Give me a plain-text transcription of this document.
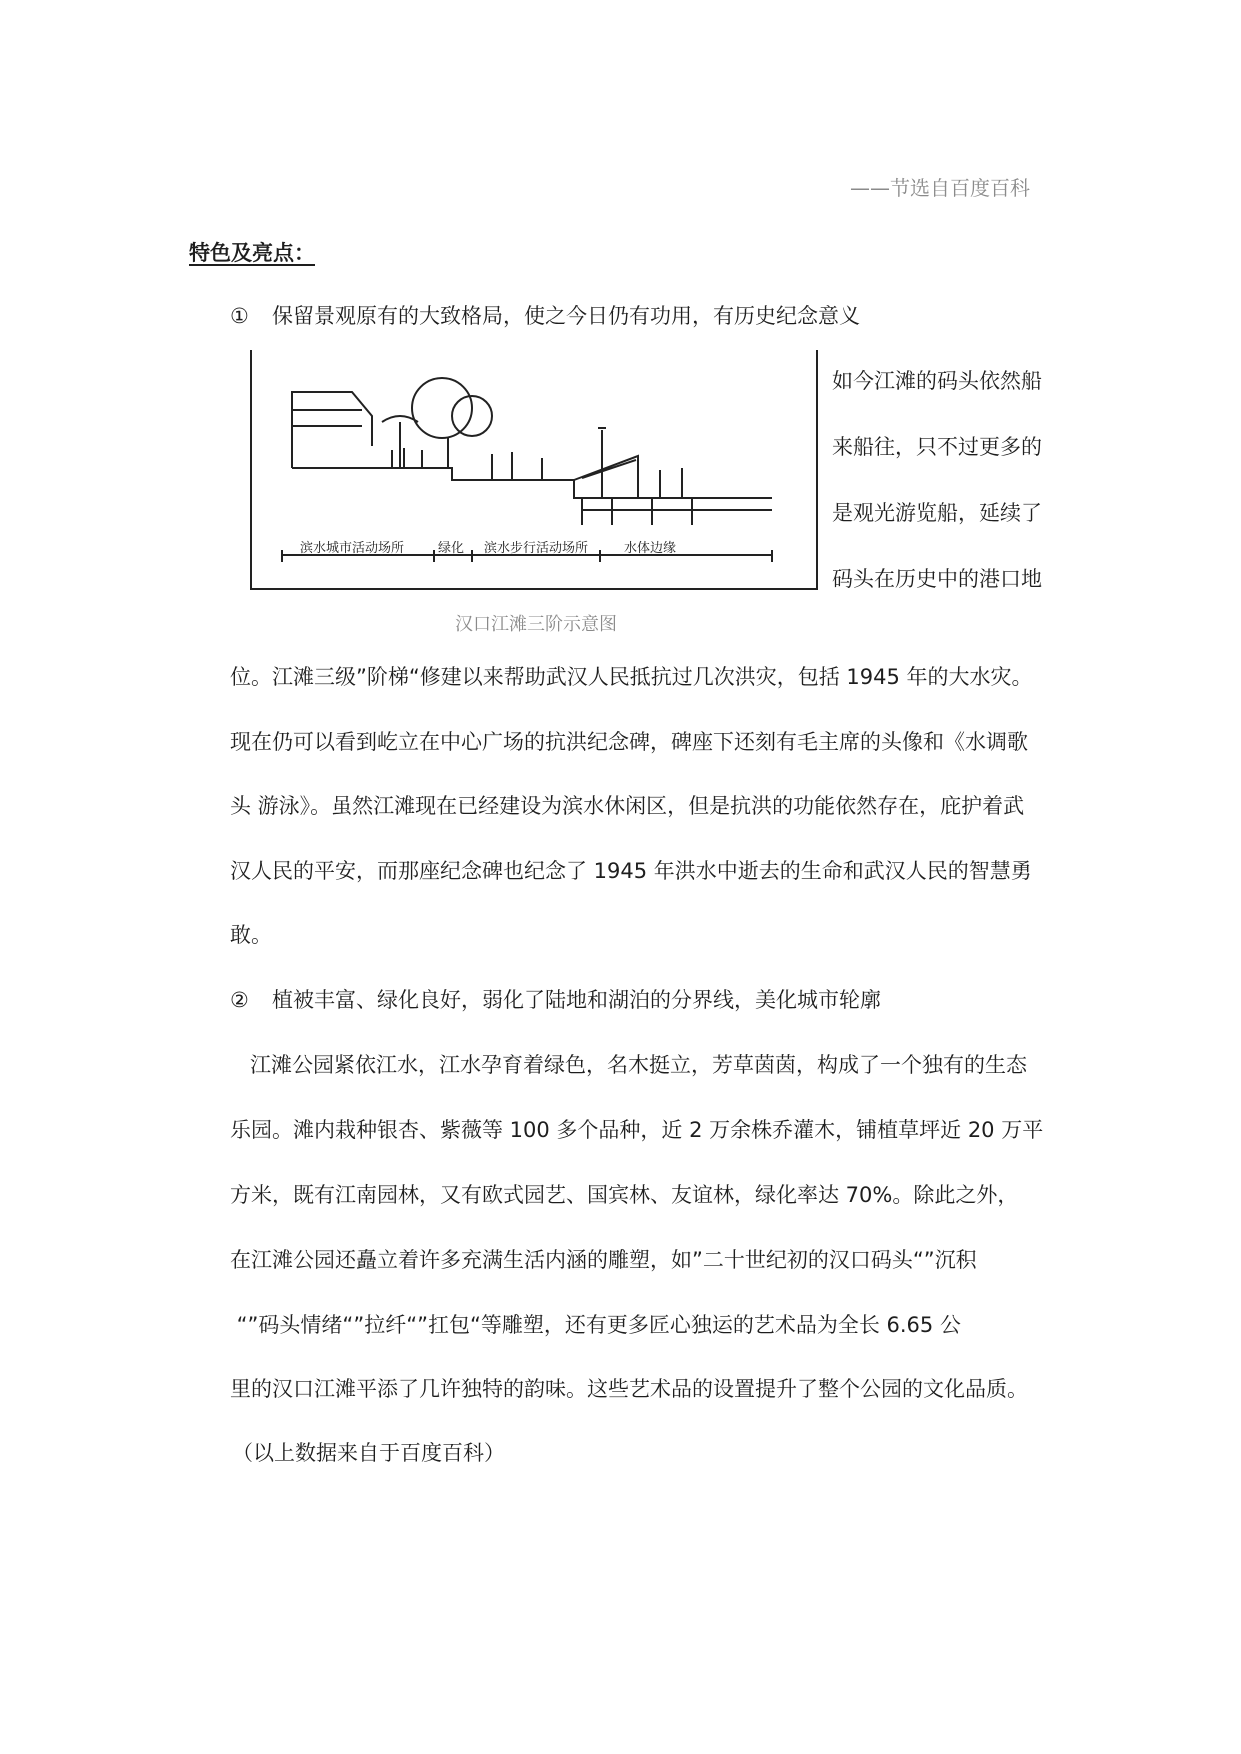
——节选自百度百科
特色及亮点：
① 保留景观原有的大致格局，使之今日仍有功用，有历史纪念意义
滨水城市活动场所	绿化 滨水步行活动场所	水体边缘
汉口江滩三阶示意图
如今江滩的码头依然船
来船往，只不过更多的
是观光游览船，延续了
码头在历史中的港口地
位。江滩三级”阶梯“修建以来帮助武汉人民抵抗过几次洪灾，包括 1945 年的大水灾。
现在仍可以看到屹立在中心广场的抗洪纪念碑，碑座下还刻有毛主席的头像和《水调歌
头 游泳》。虽然江滩现在已经建设为滨水休闲区，但是抗洪的功能依然存在，庇护着武
汉人民的平安，而那座纪念碑也纪念了 1945 年洪水中逝去的生命和武汉人民的智慧勇
敢。
② 植被丰富、绿化良好，弱化了陆地和湖泊的分界线，美化城市轮廓
江滩公园紧依江水，江水孕育着绿色，名木挺立，芳草茵茵，构成了一个独有的生态
乐园。滩内栽种银杏、紫薇等 100 多个品种，近 2 万余株乔灌木，铺植草坪近 20 万平
方米，既有江南园林，又有欧式园艺、国宾林、友谊林，绿化率达 70%。除此之外，
在江滩公园还矗立着许多充满生活内涵的雕塑，如”二十世纪初的汉口码头“”沉积
“”码头情绪“”拉纤“”扛包“等雕塑，还有更多匠心独运的艺术品为全长 6.65 公
里的汉口江滩平添了几许独特的韵味。这些艺术品的设置提升了整个公园的文化品质。
（以上数据来自于百度百科）
